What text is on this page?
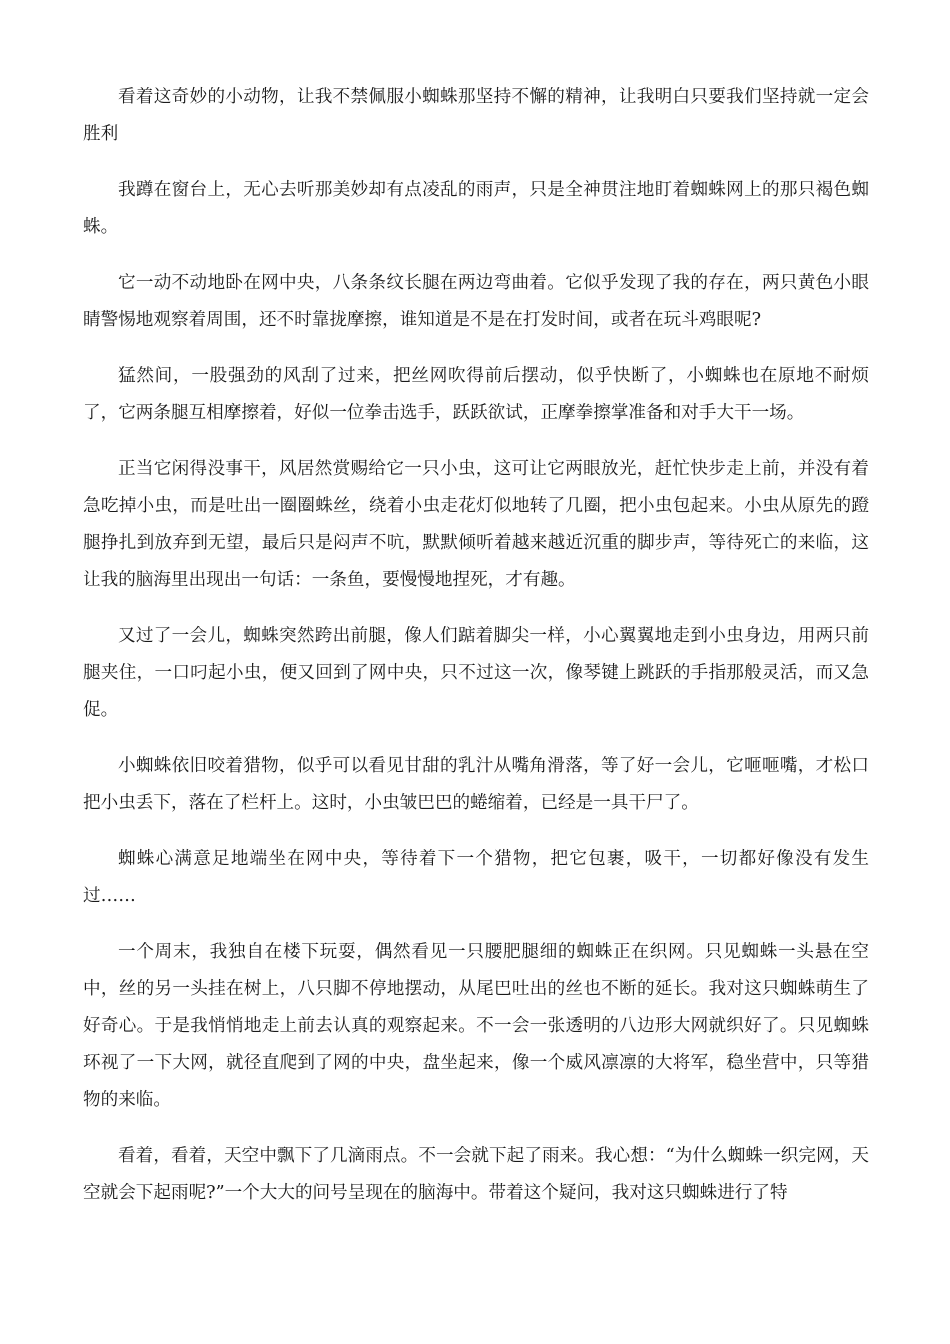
看着这奇妙的小动物，让我不禁佩服小蜘蛛那坚持不懈的精神，让我明白只要我们坚持就一定会胜利

我蹲在窗台上，无心去听那美妙却有点凌乱的雨声，只是全神贯注地盯着蜘蛛网上的那只褐色蜘蛛。

它一动不动地卧在网中央，八条条纹长腿在两边弯曲着。它似乎发现了我的存在，两只黄色小眼睛警惕地观察着周围，还不时靠拢摩擦，谁知道是不是在打发时间，或者在玩斗鸡眼呢?

猛然间，一股强劲的风刮了过来，把丝网吹得前后摆动，似乎快断了，小蜘蛛也在原地不耐烦了，它两条腿互相摩擦着，好似一位拳击选手，跃跃欲试，正摩拳擦掌准备和对手大干一场。

正当它闲得没事干，风居然赏赐给它一只小虫，这可让它两眼放光，赶忙快步走上前，并没有着急吃掉小虫，而是吐出一圈圈蛛丝，绕着小虫走花灯似地转了几圈，把小虫包起来。小虫从原先的蹬腿挣扎到放弃到无望，最后只是闷声不吭，默默倾听着越来越近沉重的脚步声，等待死亡的来临，这让我的脑海里出现出一句话：一条鱼，要慢慢地捏死，才有趣。

又过了一会儿，蜘蛛突然跨出前腿，像人们踮着脚尖一样，小心翼翼地走到小虫身边，用两只前腿夹住，一口叼起小虫，便又回到了网中央，只不过这一次，像琴键上跳跃的手指那般灵活，而又急促。

小蜘蛛依旧咬着猎物，似乎可以看见甘甜的乳汁从嘴角滑落，等了好一会儿，它咂咂嘴，才松口把小虫丢下，落在了栏杆上。这时，小虫皱巴巴的蜷缩着，已经是一具干尸了。

蜘蛛心满意足地端坐在网中央，等待着下一个猎物，把它包裹，吸干，一切都好像没有发生过……

一个周末，我独自在楼下玩耍，偶然看见一只腰肥腿细的蜘蛛正在织网。只见蜘蛛一头悬在空中，丝的另一头挂在树上，八只脚不停地摆动，从尾巴吐出的丝也不断的延长。我对这只蜘蛛萌生了好奇心。于是我悄悄地走上前去认真的观察起来。不一会一张透明的八边形大网就织好了。只见蜘蛛环视了一下大网，就径直爬到了网的中央，盘坐起来，像一个威风凛凛的大将军，稳坐营中，只等猎物的来临。

看着，看着，天空中飘下了几滴雨点。不一会就下起了雨来。我心想：“为什么蜘蛛一织完网，天空就会下起雨呢?”一个大大的问号呈现在的脑海中。带着这个疑问，我对这只蜘蛛进行了特
